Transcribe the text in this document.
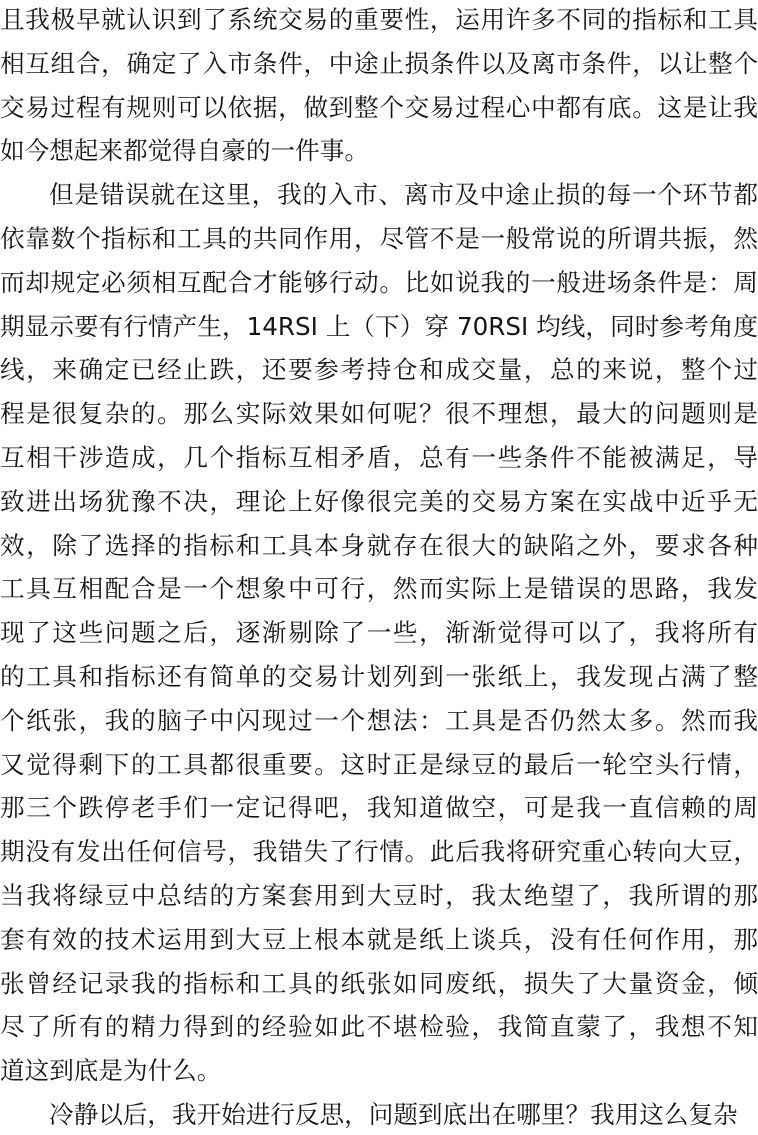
且我极早就认识到了系统交易的重要性，运用许多不同的指标和工具
相互组合，确定了入市条件，中途止损条件以及离市条件，以让整个
交易过程有规则可以依据，做到整个交易过程心中都有底。这是让我
如今想起来都觉得自豪的一件事。
但是错误就在这里，我的入市、离市及中途止损的每一个环节都
依靠数个指标和工具的共同作用，尽管不是一般常说的所谓共振，然
而却规定必须相互配合才能够行动。比如说我的一般进场条件是：周
期显示要有行情产生，14RSI 上（下）穿 70RSI 均线，同时参考角度
线，来确定已经止跌，还要参考持仓和成交量，总的来说，整个过
程是很复杂的。那么实际效果如何呢？很不理想，最大的问题则是
互相干涉造成，几个指标互相矛盾，总有一些条件不能被满足，导
致进出场犹豫不决，理论上好像很完美的交易方案在实战中近乎无
效，除了选择的指标和工具本身就存在很大的缺陷之外，要求各种
工具互相配合是一个想象中可行，然而实际上是错误的思路，我发
现了这些问题之后，逐渐剔除了一些，渐渐觉得可以了，我将所有
的工具和指标还有简单的交易计划列到一张纸上，我发现占满了整
个纸张，我的脑子中闪现过一个想法：工具是否仍然太多。然而我
又觉得剩下的工具都很重要。这时正是绿豆的最后一轮空头行情，
那三个跌停老手们一定记得吧，我知道做空，可是我一直信赖的周
期没有发出任何信号，我错失了行情。此后我将研究重心转向大豆，
当我将绿豆中总结的方案套用到大豆时，我太绝望了，我所谓的那
套有效的技术运用到大豆上根本就是纸上谈兵，没有任何作用，那
张曾经记录我的指标和工具的纸张如同废纸，损失了大量资金，倾
尽了所有的精力得到的经验如此不堪检验，我简直蒙了，我想不知
道这到底是为什么。
冷静以后，我开始进行反思，问题到底出在哪里？我用这么复杂
